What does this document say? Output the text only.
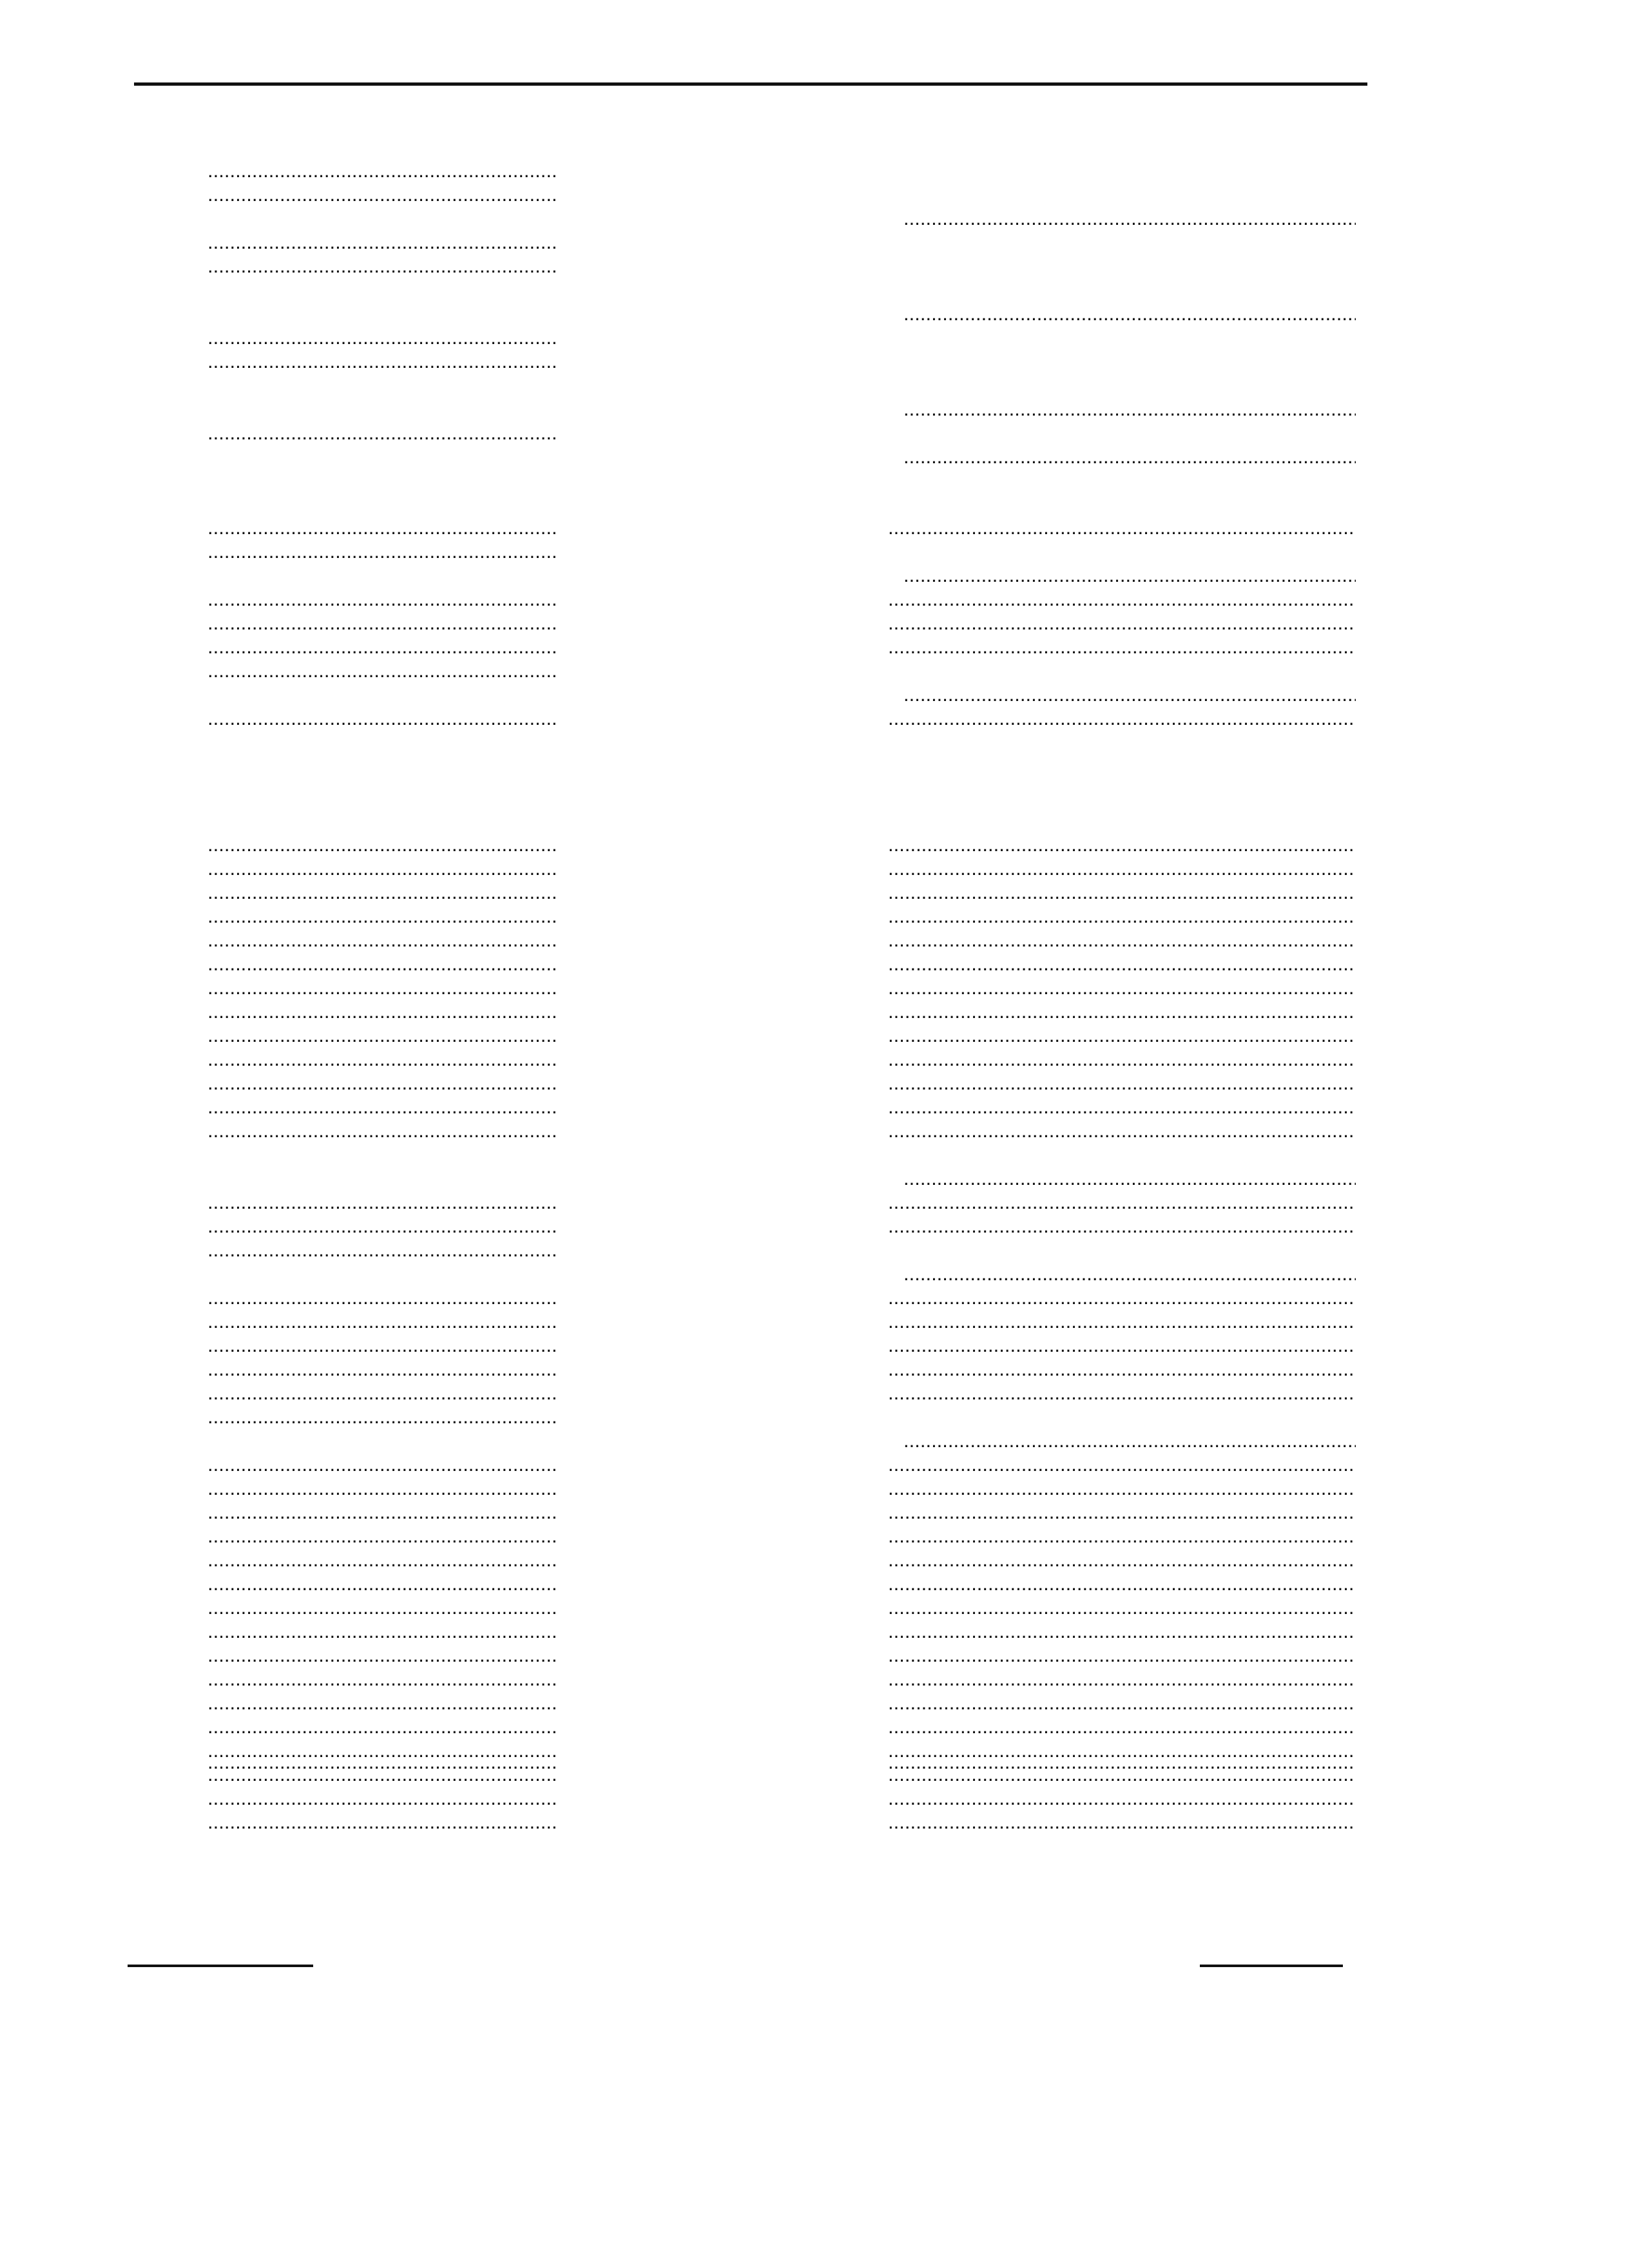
.....
.....
.....
.....
.....
.....
.....
.....
.....
.....
.....
.....
.....
.....
.....
.....
.....
.....
.....
.....
.....
.....
.....
.....
.....
.....
.....
.....
.....
.....
.....
.....
.....
.....
.....
.....
.....
.....
.....
.....
.....
.....
.....
.....
.....
.....
.....
.....
.....
.....
.....
.....
.....
.....
.....
.....
.....
.....
.....
.....
.....
.....
.....
.....
.....
.....
.....
.....
.....
.....
.....
.....
.....
.....
.....
.....
.....
.....
.....
.....
.....
.....
.....
.....
.....
.....
.....
.....
.....
.....
.....
.....
.....
.....
.....
.....
.....
.....
.....
.....
.....
.....
.....
.....
